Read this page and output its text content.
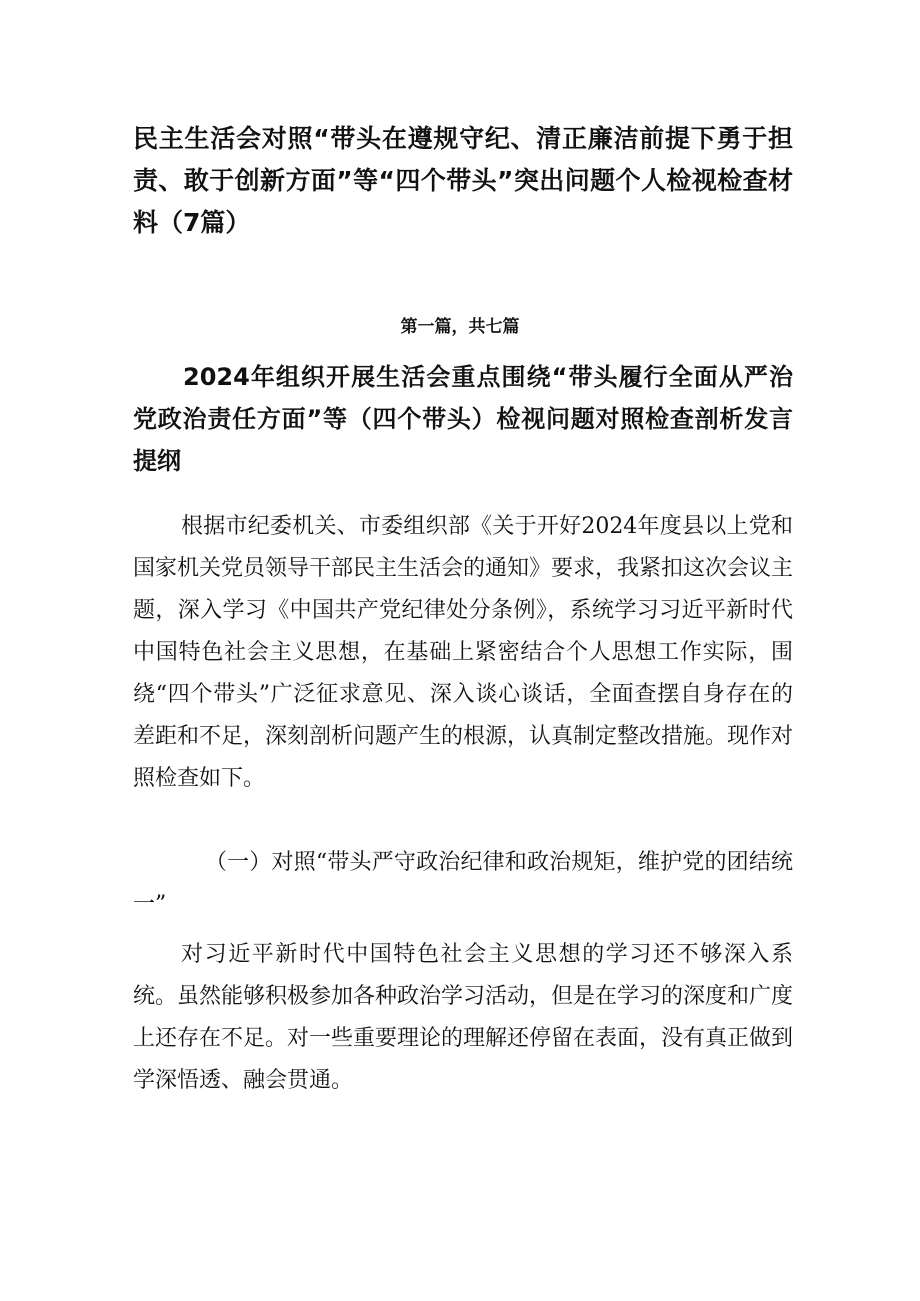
民主生活会对照“带头在遵规守纪、清正廉洁前提下勇于担责、敢于创新方面”等“四个带头”突出问题个人检视检查材料（7篇）
第一篇，共七篇
2024年组织开展生活会重点围绕“带头履行全面从严治党政治责任方面”等（四个带头）检视问题对照检查剖析发言提纲

根据市纪委机关、市委组织部《关于开好2024年度县以上党和国家机关党员领导干部民主生活会的通知》要求，我紧扣这次会议主题，深入学习《中国共产党纪律处分条例》，系统学习习近平新时代中国特色社会主义思想，在基础上紧密结合个人思想工作实际，围绕“四个带头”广泛征求意见、深入谈心谈话，全面查摆自身存在的差距和不足，深刻剖析问题产生的根源，认真制定整改措施。现作对照检查如下。

（一）对照“带头严守政治纪律和政治规矩，维护党的团结统一”

对习近平新时代中国特色社会主义思想的学习还不够深入系统。虽然能够积极参加各种政治学习活动，但是在学习的深度和广度上还存在不足。对一些重要理论的理解还停留在表面，没有真正做到学深悟透、融会贯通。
